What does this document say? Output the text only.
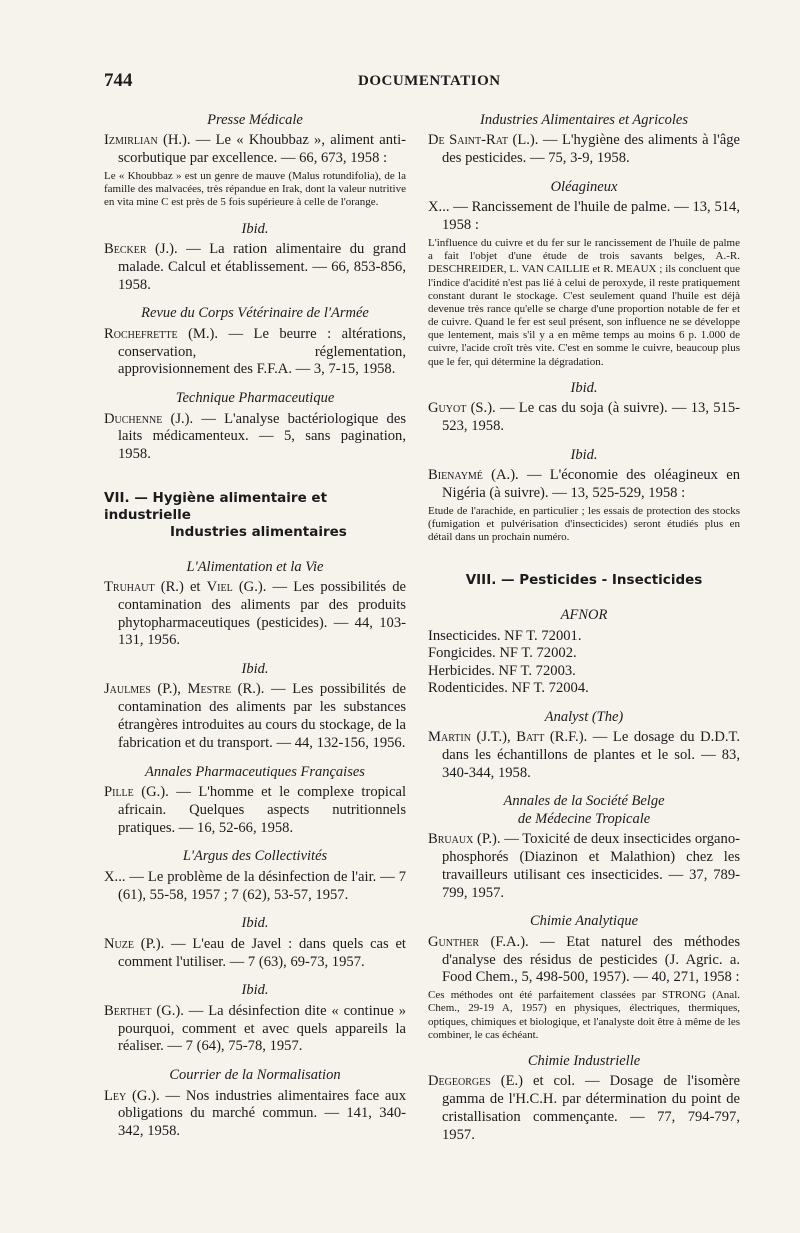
744	DOCUMENTATION

Presse Médicale

Izmirlian (H.). — Le « Khoubbaz », aliment anti-scorbutique par excellence. — 66, 673, 1958 :

Le « Khoubbaz » est un genre de mauve (Malus rotundifolia), de la famille des malvacées, très répandue en Irak, dont la valeur nutritive en vita mine C est près de 5 fois supérieure à celle de l'orange.

Ibid.

Becker (J.). — La ration alimentaire du grand malade. Calcul et établissement. — 66, 853-856, 1958.

Revue du Corps Vétérinaire de l'Armée

Rochefrette (M.). — Le beurre : altérations, conservation, réglementation, approvisionnement des F.F.A. — 3, 7-15, 1958.

Technique Pharmaceutique

Duchenne (J.). — L'analyse bactériologique des laits médicamenteux. — 5, sans pagination, 1958.

VII. — Hygiène alimentaire et industrielle
Industries alimentaires

L'Alimentation et la Vie

Truhaut (R.) et Viel (G.). — Les possibilités de contamination des aliments par des produits phytopharmaceutiques (pesticides). — 44, 103-131, 1956.

Ibid.

Jaulmes (P.), Mestre (R.). — Les possibilités de contamination des aliments par les substances étrangères introduites au cours du stockage, de la fabrication et du transport. — 44, 132-156, 1956.

Annales Pharmaceutiques Françaises

Pille (G.). — L'homme et le complexe tropical africain. Quelques aspects nutritionnels pratiques. — 16, 52-66, 1958.

L'Argus des Collectivités

X... — Le problème de la désinfection de l'air. — 7 (61), 55-58, 1957 ; 7 (62), 53-57, 1957.

Ibid.

Nuze (P.). — L'eau de Javel : dans quels cas et comment l'utiliser. — 7 (63), 69-73, 1957.

Ibid.

Berthet (G.). — La désinfection dite « continue » pourquoi, comment et avec quels appareils la réaliser. — 7 (64), 75-78, 1957.

Courrier de la Normalisation

Ley (G.). — Nos industries alimentaires face aux obligations du marché commun. — 141, 340-342, 1958.

Industries Alimentaires et Agricoles

De Saint-Rat (L.). — L'hygiène des aliments à l'âge des pesticides. — 75, 3-9, 1958.

Oléagineux

X... — Rancissement de l'huile de palme. — 13, 514, 1958 :

L'influence du cuivre et du fer sur le rancissement de l'huile de palme a fait l'objet d'une étude de trois savants belges, A.-R. DESCHREIDER, L. VAN CAILLIE et R. MEAUX ; ils concluent que l'indice d'acidité n'est pas lié à celui de peroxyde, il reste pratiquement constant durant le stockage. C'est seulement quand l'huile est déjà devenue très rance qu'elle se charge d'une proportion notable de fer et de cuivre. Quand le fer est seul présent, son influence ne se développe que lentement, mais s'il y a en même temps au moins 6 p. 1.000 de cuivre, l'acide croît très vite. C'est en somme le cuivre, beaucoup plus que le fer, qui détermine la dégradation.

Ibid.

Guyot (S.). — Le cas du soja (à suivre). — 13, 515-523, 1958.

Ibid.

Bienaymé (A.). — L'économie des oléagineux en Nigéria (à suivre). — 13, 525-529, 1958 :

Etude de l'arachide, en particulier ; les essais de protection des stocks (fumigation et pulvérisation d'insecticides) seront étudiés plus en détail dans un prochain numéro.

VIII. — Pesticides - Insecticides

AFNOR

Insecticides. NF T. 72001.

Fongicides. NF T. 72002.

Herbicides. NF T. 72003.

Rodenticides. NF T. 72004.

Analyst (The)

Martin (J.T.), Batt (R.F.). — Le dosage du D.D.T. dans les échantillons de plantes et le sol. — 83, 340-344, 1958.

Annales de la Société Belge
de Médecine Tropicale

Bruaux (P.). — Toxicité de deux insecticides organo-phosphorés (Diazinon et Malathion) chez les travailleurs utilisant ces insecticides. — 37, 789-799, 1957.

Chimie Analytique

Gunther (F.A.). — Etat naturel des méthodes d'analyse des résidus de pesticides (J. Agric. a. Food Chem., 5, 498-500, 1957). — 40, 271, 1958 :

Ces méthodes ont été parfaitement classées par STRONG (Anal. Chem., 29-19 A, 1957) en physiques, électriques, thermiques, optiques, chimiques et biologique, et l'analyste doit être à même de les combiner, le cas échéant.

Chimie Industrielle

Degeorges (E.) et col. — Dosage de l'isomère gamma de l'H.C.H. par détermination du point de cristallisation commençante. — 77, 794-797, 1957.
